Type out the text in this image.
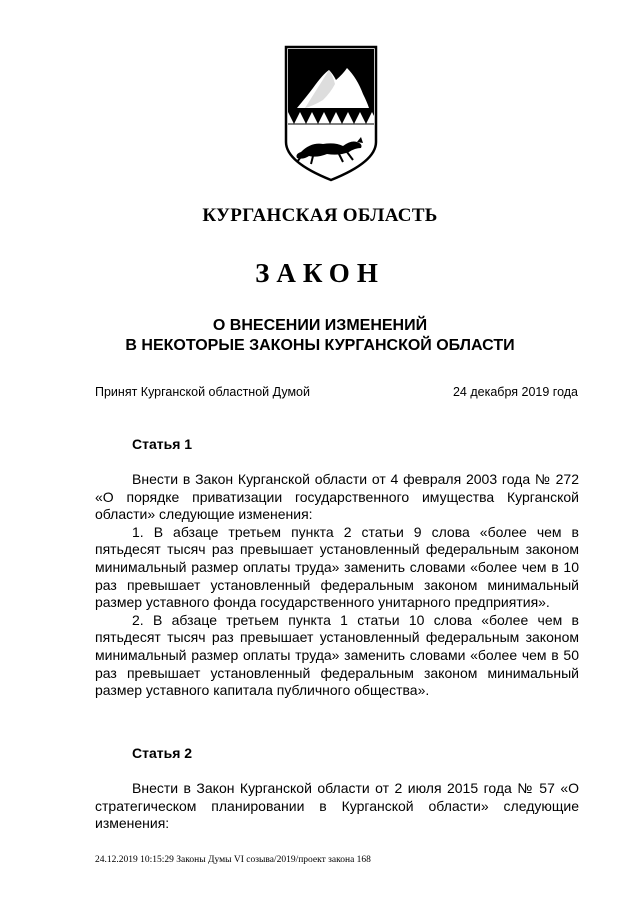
КУРГАНСКАЯ ОБЛАСТЬ
ЗАКОН
О ВНЕСЕНИИ ИЗМЕНЕНИЙ
В НЕКОТОРЫЕ ЗАКОНЫ КУРГАНСКОЙ ОБЛАСТИ
Принят Курганской областной Думой	24 декабря 2019 года
Статья 1

Внести в Закон Курганской области от 4 февраля 2003 года № 272 «О порядке приватизации государственного имущества Курганской области» следующие изменения:

1. В абзаце третьем пункта 2 статьи 9 слова «более чем в пятьдесят тысяч раз превышает установленный федеральным законом минимальный размер оплаты труда» заменить словами «более чем в 10 раз превышает установленный федеральным законом минимальный размер уставного фонда государственного унитарного предприятия».

2. В абзаце третьем пункта 1 статьи 10 слова «более чем в пятьдесят тысяч раз превышает установленный федеральным законом минимальный размер оплаты труда» заменить словами «более чем в 50 раз превышает установленный федеральным законом минимальный размер уставного капитала публичного общества».

Статья 2

Внести в Закон Курганской области от 2 июля 2015 года № 57 «О стратегическом планировании в Курганской области» следующие изменения:

24.12.2019 10:15:29 Законы Думы VI созыва/2019/проект закона 168
